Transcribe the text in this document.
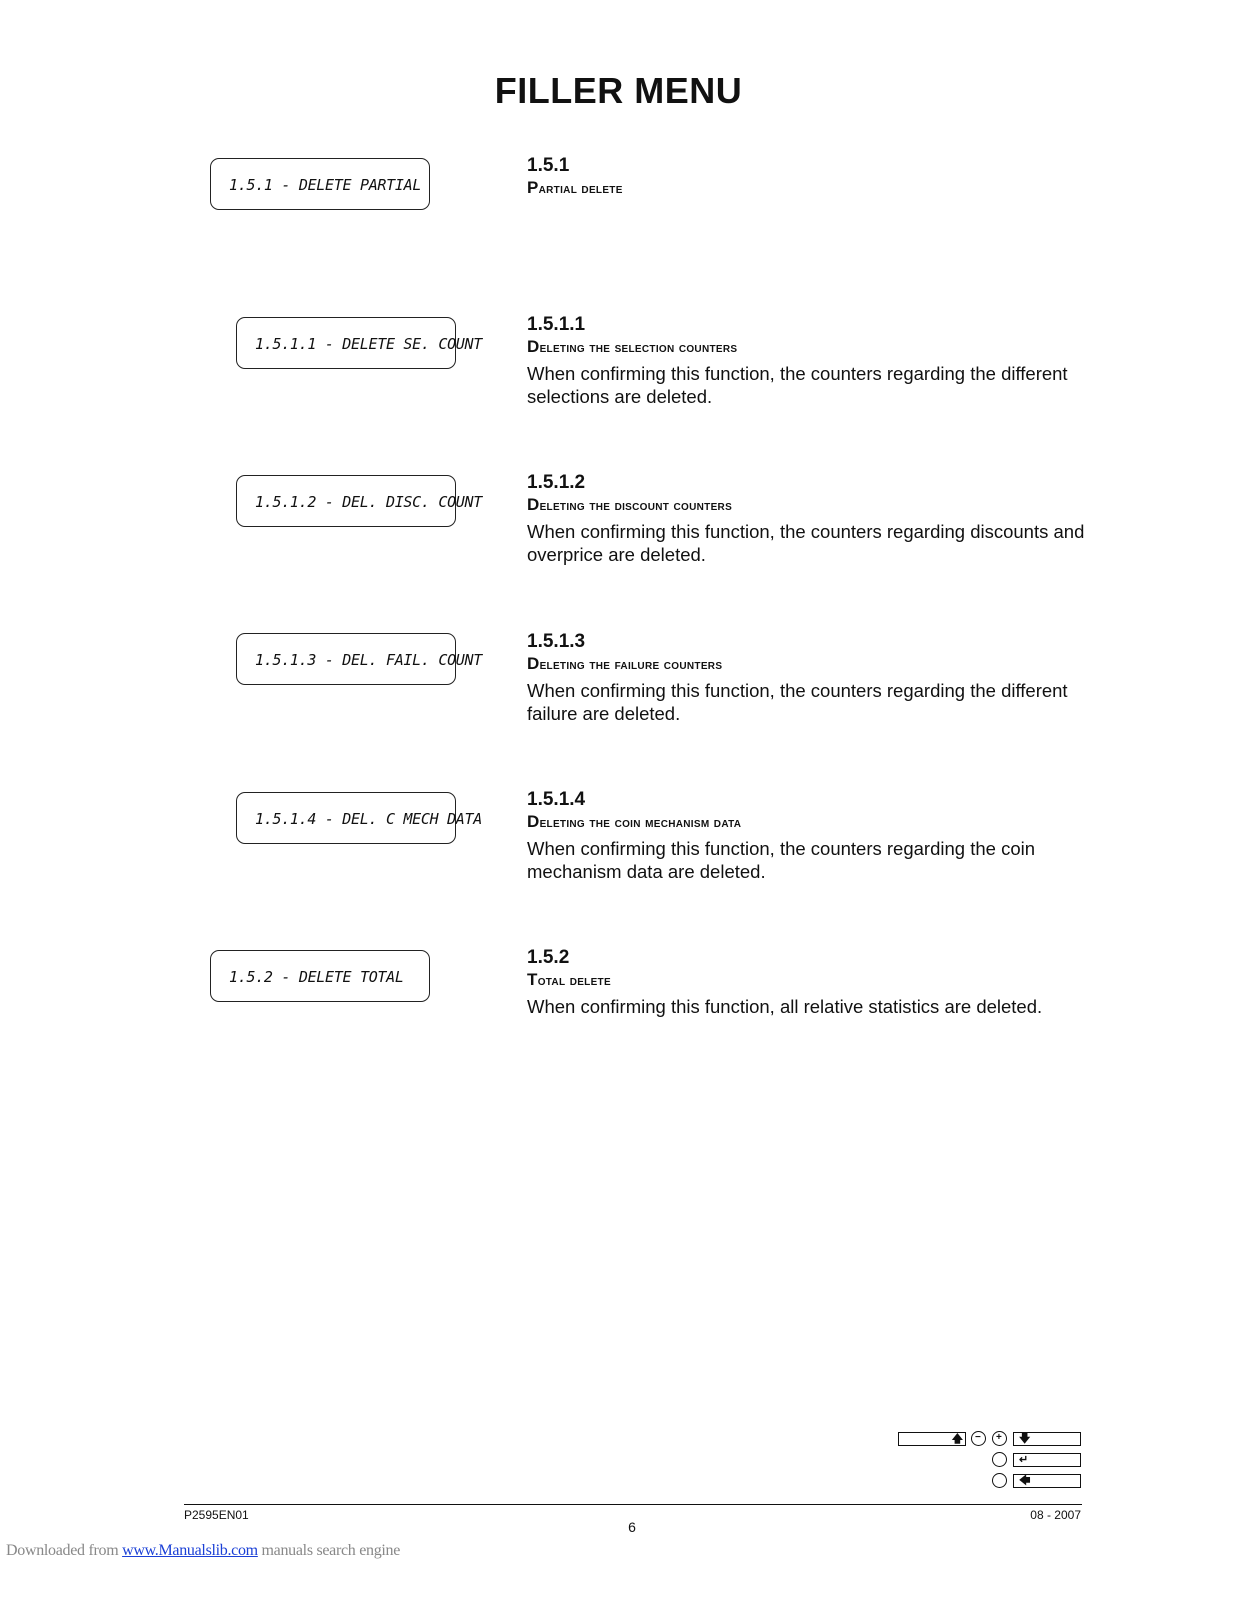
FILLER MENU
1.5.1 - DELETE PARTIAL
1.5.1.1 - DELETE SE. COUNT
1.5.1.2 - DEL. DISC. COUNT
1.5.1.3 - DEL. FAIL. COUNT
1.5.1.4 - DEL. C MECH DATA
1.5.2 - DELETE TOTAL

1.5.1

Partial delete

1.5.1.1

Deleting the selection counters

When confirming this function, the counters regarding the different selections are deleted.

1.5.1.2

Deleting the discount counters

When confirming this function, the counters regarding discounts and overprice are deleted.

1.5.1.3

Deleting the failure counters

When confirming this function, the counters regarding the different failure are deleted.

1.5.1.4

Deleting the coin mechanism data

When confirming this function, the counters regarding the coin mechanism data are deleted.

1.5.2

Total delete

When confirming this function, all relative statistics are deleted.

🡅 − + 🡇
↵
🡄
P2595EN01	08 - 2007
6
Downloaded from www.Manualslib.com manuals search engine
